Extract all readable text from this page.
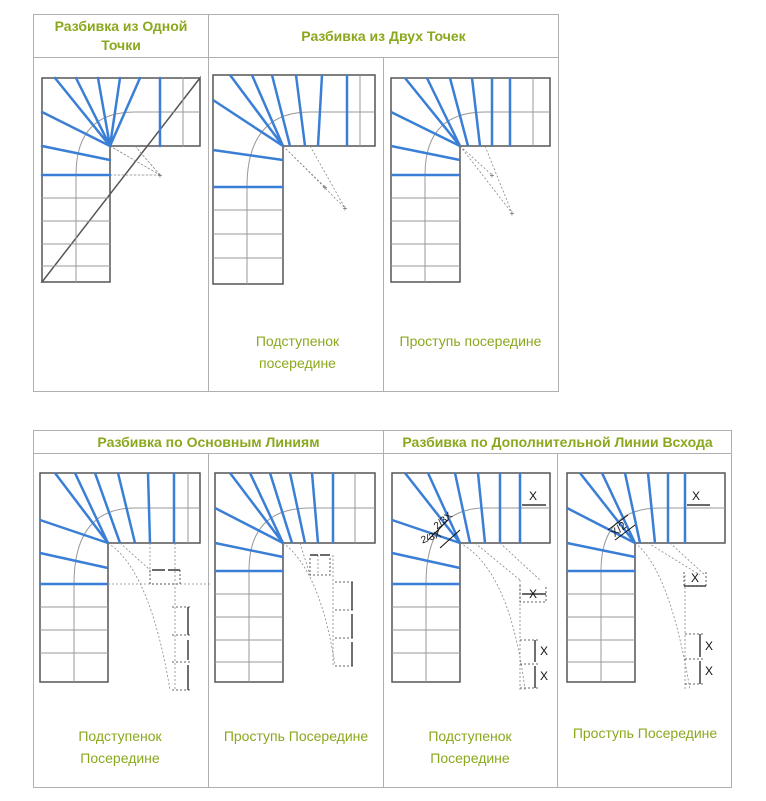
Разбивка из Одной Точки
Разбивка из Двух Точек
Подступенок посередине
Проступь посередине
+
+
+
+
+
Разбивка по Основным Линиям	Разбивка по Дополнительной Линии Всхода
Подступенок Посередине
Проступь Посередине	Подступенок Посередине
Проступь Посередине
X
X
X
X
2/3X
2/3X
X
X
X
X
X/2
